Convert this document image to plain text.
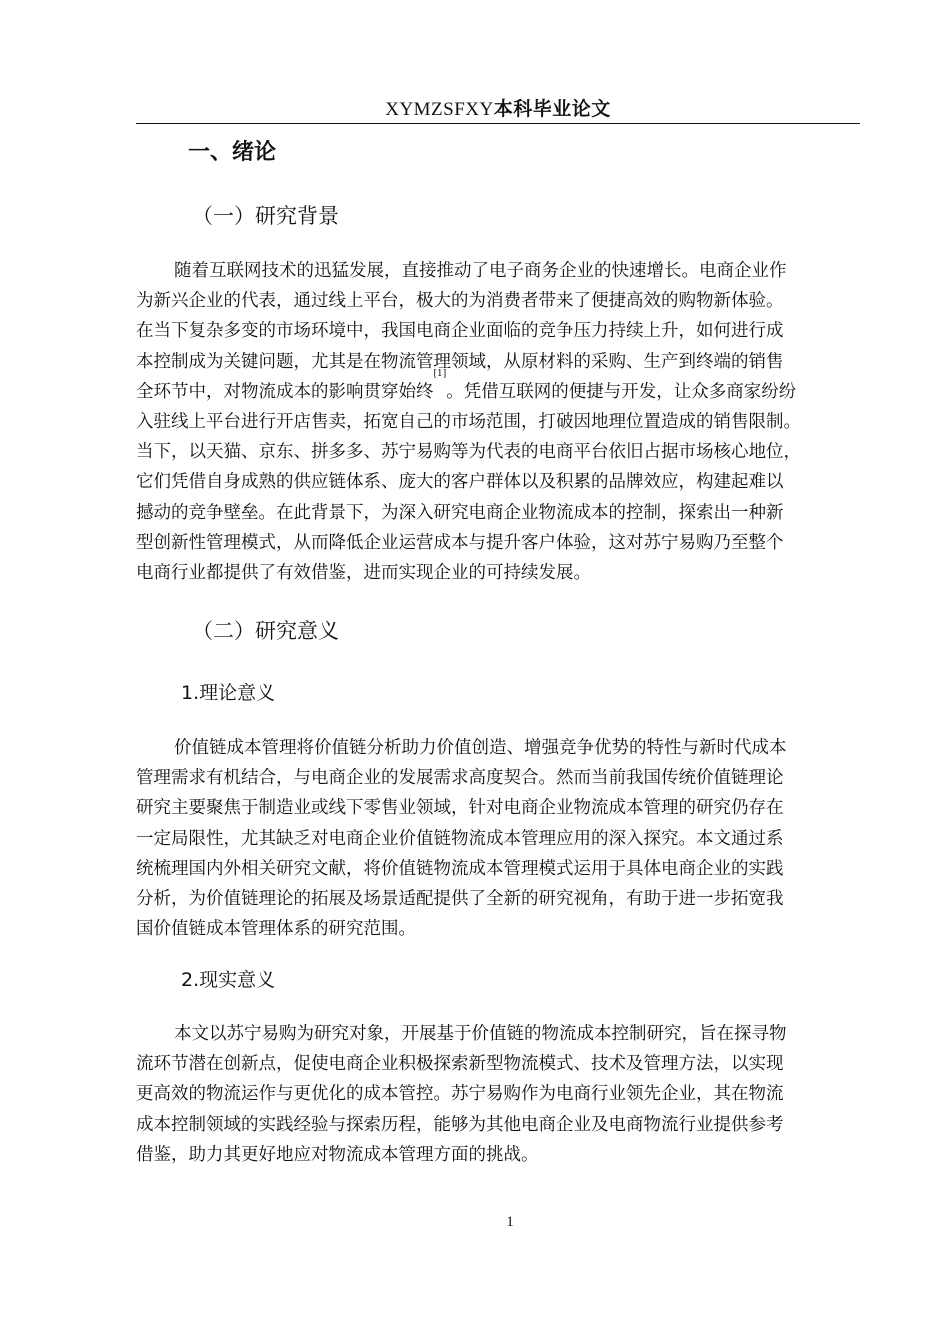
XYMZSFXY本科毕业论文
一、绪论
（一）研究背景
随着互联网技术的迅猛发展，直接推动了电子商务企业的快速增长。电商企业作
为新兴企业的代表，通过线上平台，极大的为消费者带来了便捷高效的购物新体验。
在当下复杂多变的市场环境中，我国电商企业面临的竞争压力持续上升，如何进行成
本控制成为关键问题，尤其是在物流管理领域，从原材料的采购、生产到终端的销售
全环节中，对物流成本的影响贯穿始终[1]。凭借互联网的便捷与开发，让众多商家纷纷
入驻线上平台进行开店售卖，拓宽自己的市场范围，打破因地理位置造成的销售限制。
当下，以天猫、京东、拼多多、苏宁易购等为代表的电商平台依旧占据市场核心地位，
它们凭借自身成熟的供应链体系、庞大的客户群体以及积累的品牌效应，构建起难以
撼动的竞争壁垒。在此背景下，为深入研究电商企业物流成本的控制，探索出一种新
型创新性管理模式，从而降低企业运营成本与提升客户体验，这对苏宁易购乃至整个
电商行业都提供了有效借鉴，进而实现企业的可持续发展。
（二）研究意义
1.理论意义
价值链成本管理将价值链分析助力价值创造、增强竞争优势的特性与新时代成本
管理需求有机结合，与电商企业的发展需求高度契合。然而当前我国传统价值链理论
研究主要聚焦于制造业或线下零售业领域，针对电商企业物流成本管理的研究仍存在
一定局限性，尤其缺乏对电商企业价值链物流成本管理应用的深入探究。本文通过系
统梳理国内外相关研究文献，将价值链物流成本管理模式运用于具体电商企业的实践
分析，为价值链理论的拓展及场景适配提供了全新的研究视角，有助于进一步拓宽我
国价值链成本管理体系的研究范围。
2.现实意义
本文以苏宁易购为研究对象，开展基于价值链的物流成本控制研究，旨在探寻物
流环节潜在创新点，促使电商企业积极探索新型物流模式、技术及管理方法，以实现
更高效的物流运作与更优化的成本管控。苏宁易购作为电商行业领先企业，其在物流
成本控制领域的实践经验与探索历程，能够为其他电商企业及电商物流行业提供参考
借鉴，助力其更好地应对物流成本管理方面的挑战。
1
